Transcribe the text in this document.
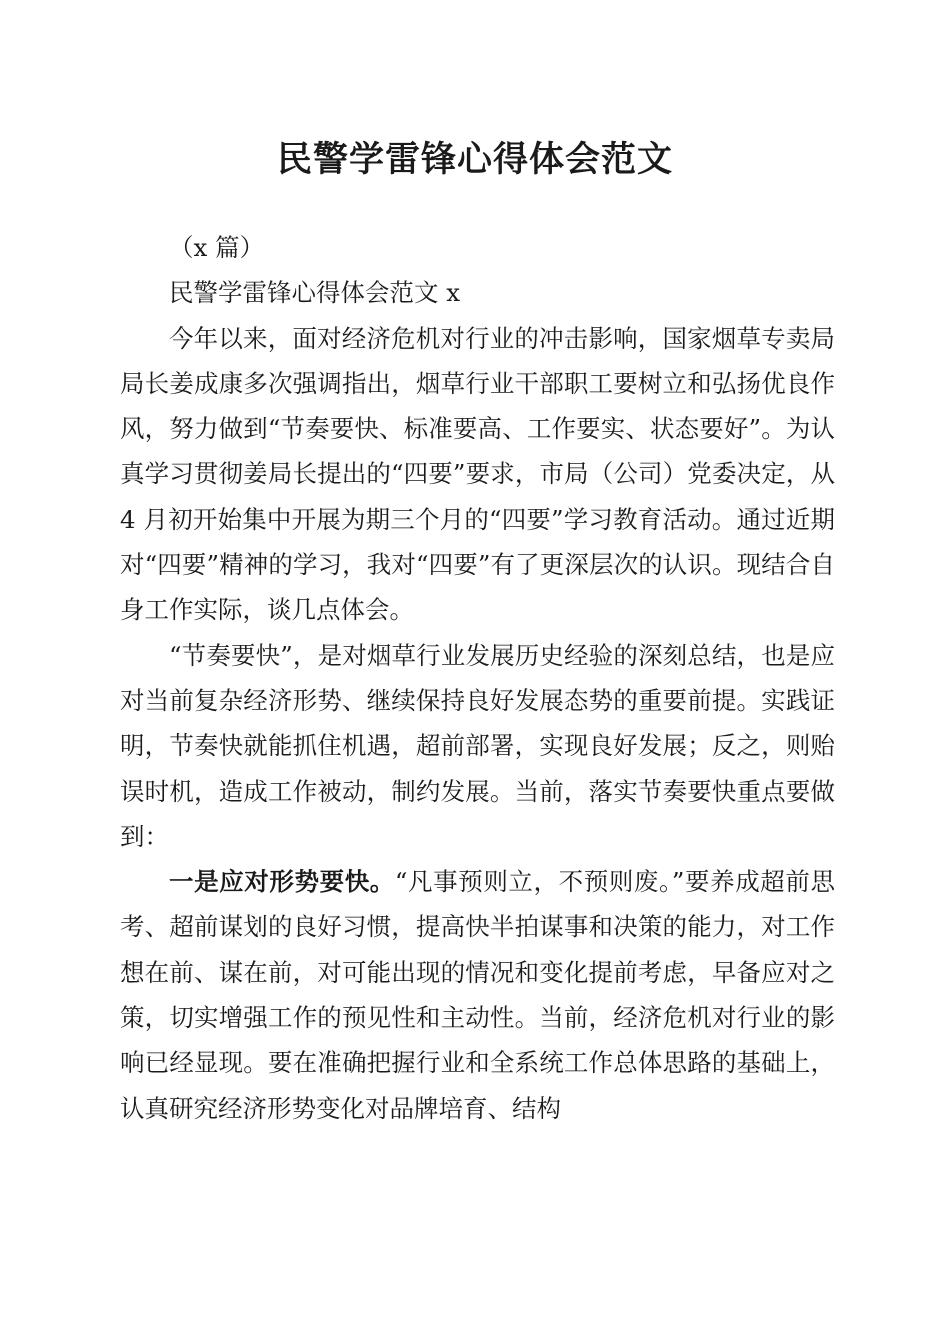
民警学雷锋心得体会范文

（x 篇）

民警学雷锋心得体会范文 x

今年以来，面对经济危机对行业的冲击影响，国家烟草专卖局局长姜成康多次强调指出，烟草行业干部职工要树立和弘扬优良作风，努力做到“节奏要快、标准要高、工作要实、状态要好”。为认真学习贯彻姜局长提出的“四要”要求，市局（公司）党委决定，从 4 月初开始集中开展为期三个月的“四要”学习教育活动。通过近期对“四要”精神的学习，我对“四要”有了更深层次的认识。现结合自身工作实际，谈几点体会。

“节奏要快”，是对烟草行业发展历史经验的深刻总结，也是应对当前复杂经济形势、继续保持良好发展态势的重要前提。实践证明，节奏快就能抓住机遇，超前部署，实现良好发展；反之，则贻误时机，造成工作被动，制约发展。当前，落实节奏要快重点要做到：

一是应对形势要快。“凡事预则立，不预则废。”要养成超前思考、超前谋划的良好习惯，提高快半拍谋事和决策的能力，对工作想在前、谋在前，对可能出现的情况和变化提前考虑，早备应对之策，切实增强工作的预见性和主动性。当前，经济危机对行业的影响已经显现。要在准确把握行业和全系统工作总体思路的基础上，认真研究经济形势变化对品牌培育、结构
